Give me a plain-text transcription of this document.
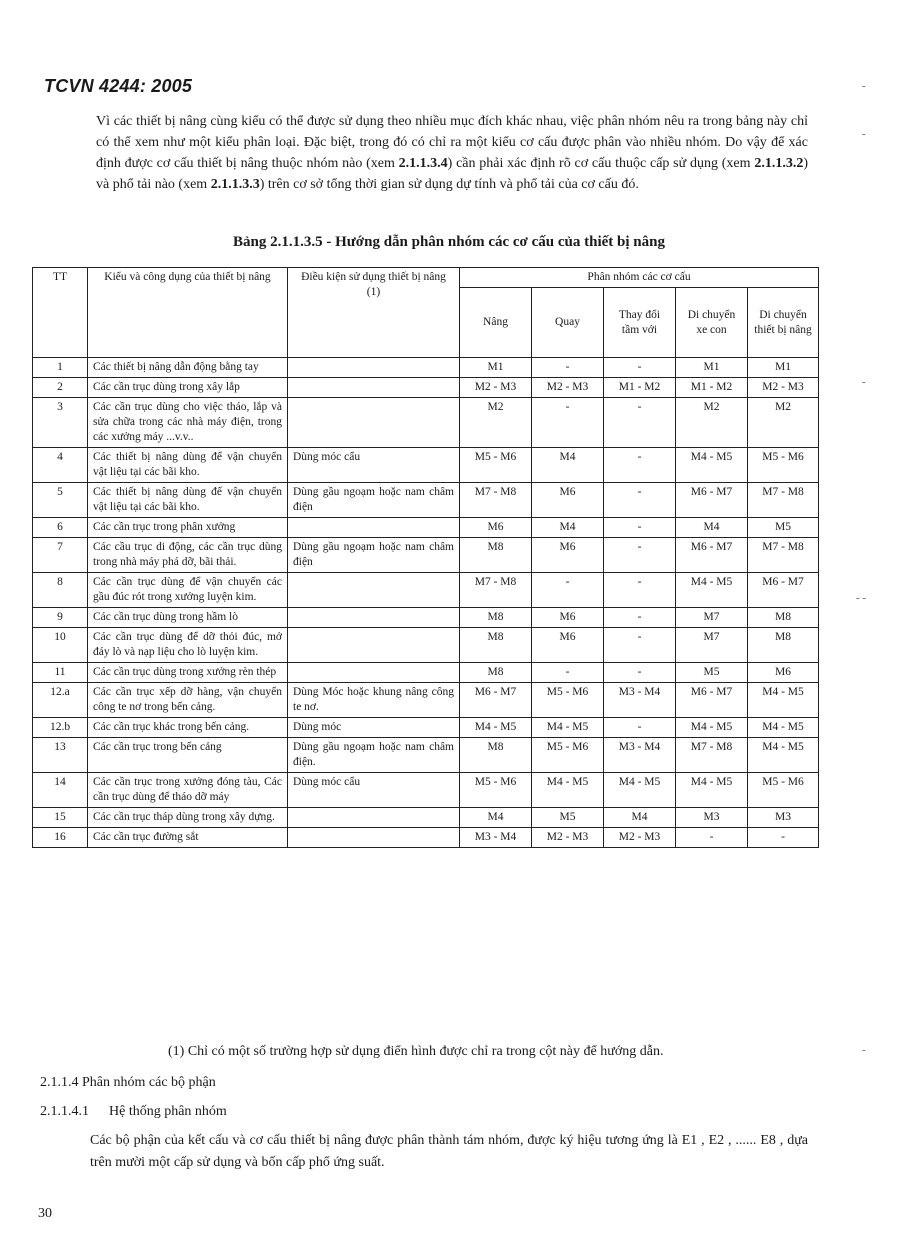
TCVN 4244: 2005
Vì các thiết bị nâng cùng kiểu có thể được sử dụng theo nhiều mục đích khác nhau, việc phân nhóm nêu ra trong bảng này chỉ có thể xem như một kiểu phân loại. Đặc biệt, trong đó có chỉ ra một kiểu cơ cấu được phân vào nhiều nhóm. Do vậy để xác định được cơ cấu thiết bị nâng thuộc nhóm nào (xem 2.1.1.3.4) cần phải xác định rõ cơ cấu thuộc cấp sử dụng (xem 2.1.1.3.2) và phổ tải nào (xem 2.1.1.3.3) trên cơ sở tổng thời gian sử dụng dự tính và phổ tải của cơ cấu đó.
Bảng 2.1.1.3.5 - Hướng dẫn phân nhóm các cơ cấu của thiết bị nâng
TT	Kiểu và công dụng của thiết bị nâng	Điều kiện sử dụng thiết bị nâng (1)	Phân nhóm các cơ cấu				
			Nâng	Quay	Thay đổi tầm với	Di chuyển xe con	Di chuyển thiết bị nâng
1	Các thiết bị nâng dẫn động bằng tay		M1	-	-	M1	M1
2	Các cần trục dùng trong xây lắp		M2 - M3	M2 - M3	M1 - M2	M1 - M2	M2 - M3
3	Các cần trục dùng cho việc tháo, lắp và sửa chữa trong các nhà máy điện, trong các xưởng máy ...v.v..		M2	-	-	M2	M2
4	Các thiết bị nâng dùng để vận chuyển vật liệu tại các bãi kho.	Dùng móc cẩu	M5 - M6	M4	-	M4 - M5	M5 - M6
5	Các thiết bị nâng dùng để vận chuyển vật liệu tại các bãi kho.	Dùng gầu ngoạm hoặc nam châm điện	M7 - M8	M6	-	M6 - M7	M7 - M8
6	Các cần trục trong phân xưởng		M6	M4	-	M4	M5
7	Các cầu trục di động, các cần trục dùng trong nhà máy phá dỡ, bãi thải.	Dùng gầu ngoạm hoặc nam châm điện	M8	M6	-	M6 - M7	M7 - M8
8	Các cần trục dùng để vận chuyển các gầu đúc rót trong xưởng luyện kim.		M7 - M8	-	-	M4 - M5	M6 - M7
9	Các cần trục dùng trong hầm lò		M8	M6	-	M7	M8
10	Các cần trục dùng để dỡ thỏi đúc, mở đáy lò và nạp liệu cho lò luyện kim.		M8	M6	-	M7	M8
11	Các cần trục dùng trong xưởng rèn thép		M8	-	-	M5	M6
12.a	Các cần trục xếp dỡ hàng, vận chuyển công te nơ trong bến cảng.	Dùng Móc hoặc khung nâng công te nơ.	M6 - M7	M5 - M6	M3 - M4	M6 - M7	M4 - M5
12.b	Các cần trục khác trong bến cảng.	Dùng móc	M4 - M5	M4 - M5	-	M4 - M5	M4 - M5
13	Các cần trục trong bến cảng	Dùng gầu ngoạm hoặc nam châm điện.	M8	M5 - M6	M3 - M4	M7 - M8	M4 - M5
14	Các cần trục trong xưởng đóng tàu, Các cần trục dùng để tháo dỡ máy	Dùng móc cẩu	M5 - M6	M4 - M5	M4 - M5	M4 - M5	M5 - M6
15	Các cần trục tháp dùng trong xây dựng.		M4	M5	M4	M3	M3
16	Các cần trục đường sắt		M3 - M4	M2 - M3	M2 - M3	-	-
(1) Chỉ có một số trường hợp sử dụng điển hình được chỉ ra trong cột này để hướng dẫn.
2.1.1.4 Phân nhóm các bộ phận
2.1.1.4.1 Hệ thống phân nhóm
Các bộ phận của kết cấu và cơ cấu thiết bị nâng được phân thành tám nhóm, được ký hiệu tương ứng là E1 , E2 , ...... E8 , dựa trên mười một cấp sử dụng và bốn cấp phổ ứng suất.
30
-
-
-
- -
-
